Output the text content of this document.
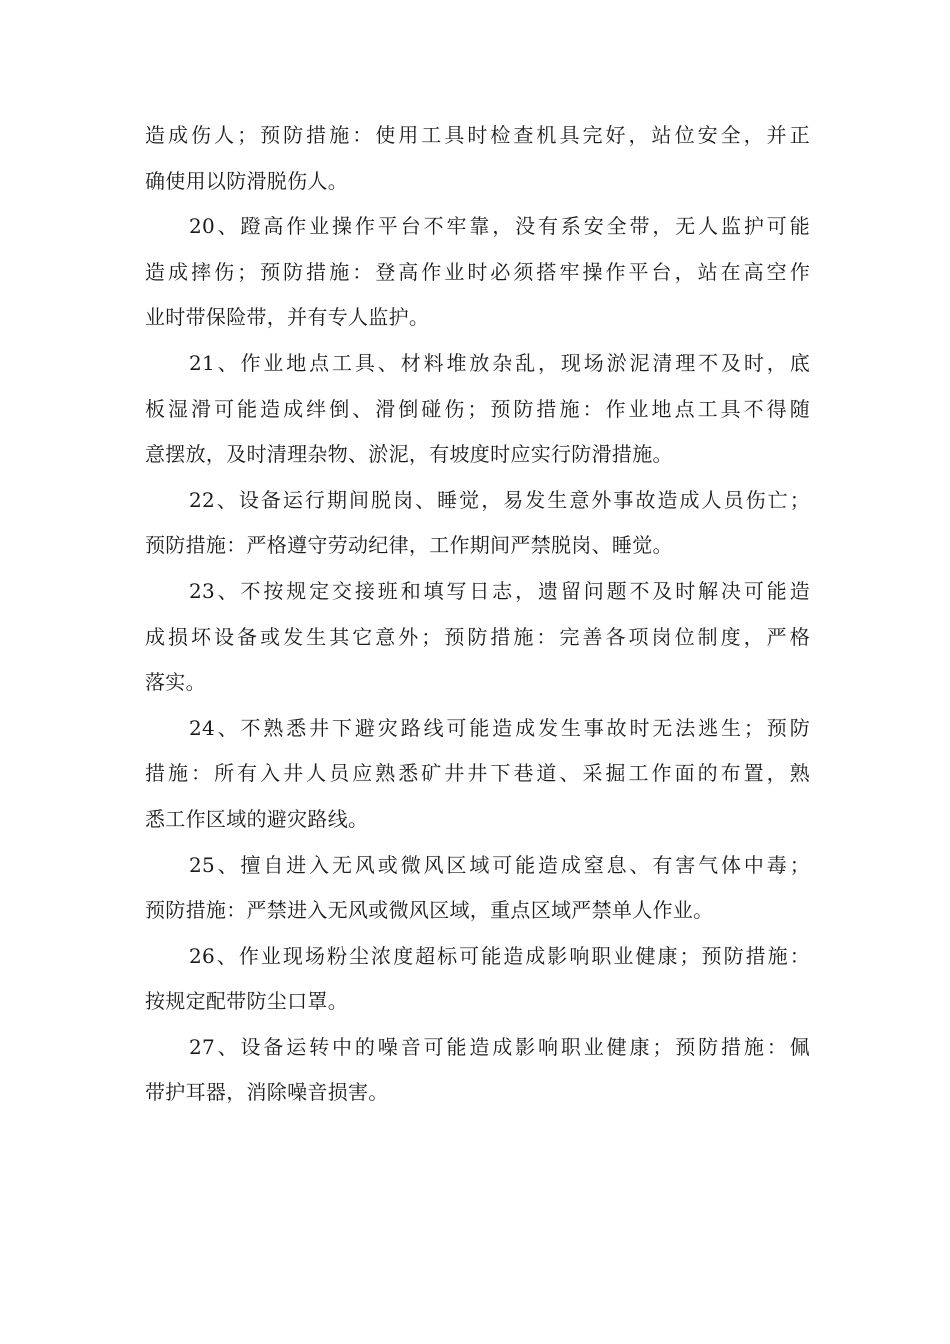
造成伤人；预防措施：使用工具时检查机具完好，站位安全，并正
确使用以防滑脱伤人。
20、蹬高作业操作平台不牢靠，没有系安全带，无人监护可能
造成摔伤；预防措施：登高作业时必须搭牢操作平台，站在高空作
业时带保险带，并有专人监护。
21、作业地点工具、材料堆放杂乱，现场淤泥清理不及时，底
板湿滑可能造成绊倒、滑倒碰伤；预防措施：作业地点工具不得随
意摆放，及时清理杂物、淤泥，有坡度时应实行防滑措施。
22、设备运行期间脱岗、睡觉，易发生意外事故造成人员伤亡；
预防措施：严格遵守劳动纪律，工作期间严禁脱岗、睡觉。
23、不按规定交接班和填写日志，遗留问题不及时解决可能造
成损坏设备或发生其它意外；预防措施：完善各项岗位制度，严格
落实。
24、不熟悉井下避灾路线可能造成发生事故时无法逃生；预防
措施：所有入井人员应熟悉矿井井下巷道、采掘工作面的布置，熟
悉工作区域的避灾路线。
25、擅自进入无风或微风区域可能造成窒息、有害气体中毒；
预防措施：严禁进入无风或微风区域，重点区域严禁单人作业。
26、作业现场粉尘浓度超标可能造成影响职业健康；预防措施：
按规定配带防尘口罩。
27、设备运转中的噪音可能造成影响职业健康；预防措施：佩
带护耳器，消除噪音损害。
